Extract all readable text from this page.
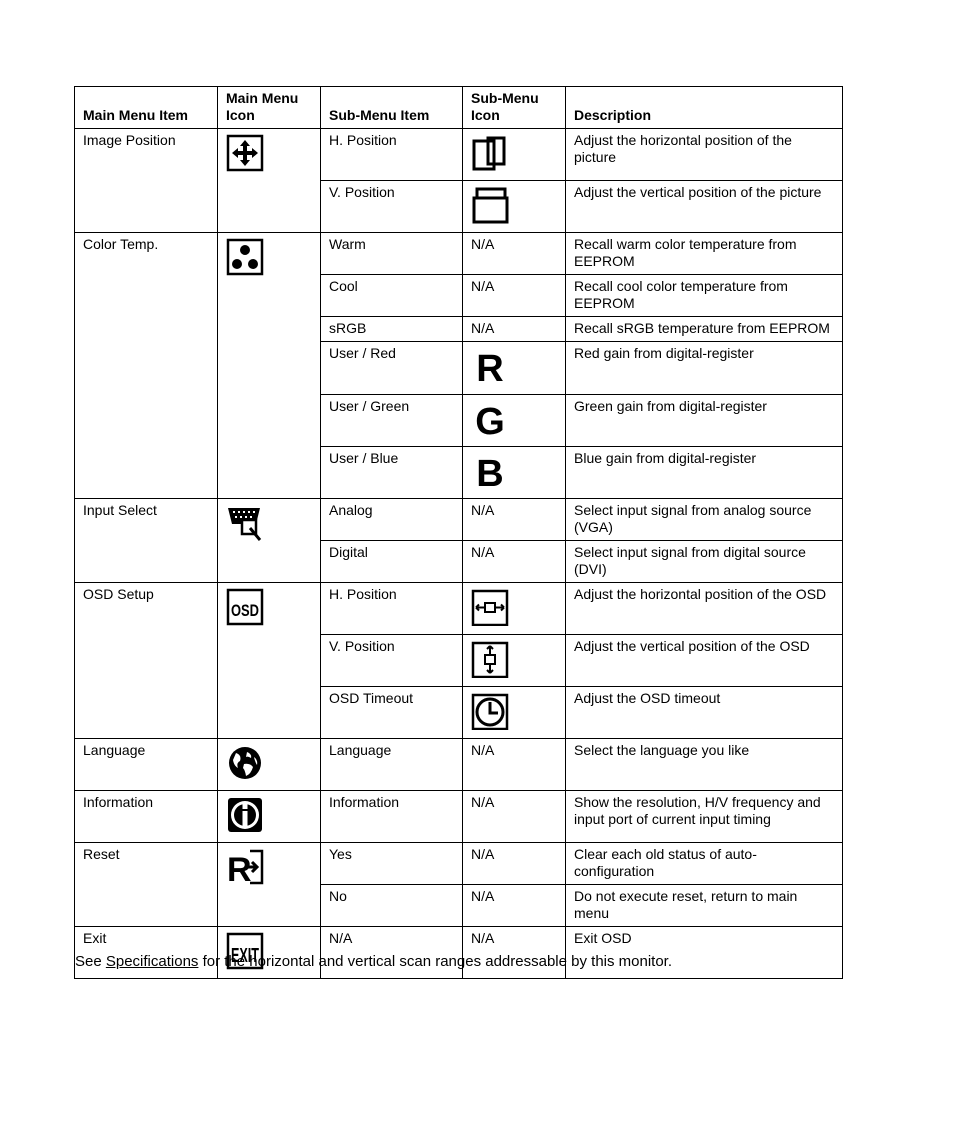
Main Menu Item	Main Menu Icon	Sub-Menu Item	Sub-Menu Icon	Description
Image Position		H. Position		Adjust the horizontal position of the picture
		V. Position		Adjust the vertical position of the picture
Color Temp.		Warm	N/A	Recall warm color temperature from EEPROM
		Cool	N/A	Recall cool color temperature from EEPROM
		sRGB	N/A	Recall sRGB temperature from EEPROM
		User / Red	R	Red gain from digital-register
		User / Green	G	Green gain from digital-register
		User / Blue	B	Blue gain from digital-register
Input Select		Analog	N/A	Select input signal from analog source (VGA)
		Digital	N/A	Select input signal from digital source (DVI)
OSD Setup	OSD	H. Position		Adjust the horizontal position of the OSD
		V. Position		Adjust the vertical position of the OSD
		OSD Timeout		Adjust the OSD timeout
Language		Language	N/A	Select the language you like
Information		Information	N/A	Show the resolution, H/V frequency and input port of current input timing
Reset	R	Yes	N/A	Clear each old status of auto-configuration
		No	N/A	Do not execute reset, return to main menu
Exit	EXIT	N/A	N/A	Exit OSD
See Specifications for the horizontal and vertical scan ranges addressable by this monitor.
